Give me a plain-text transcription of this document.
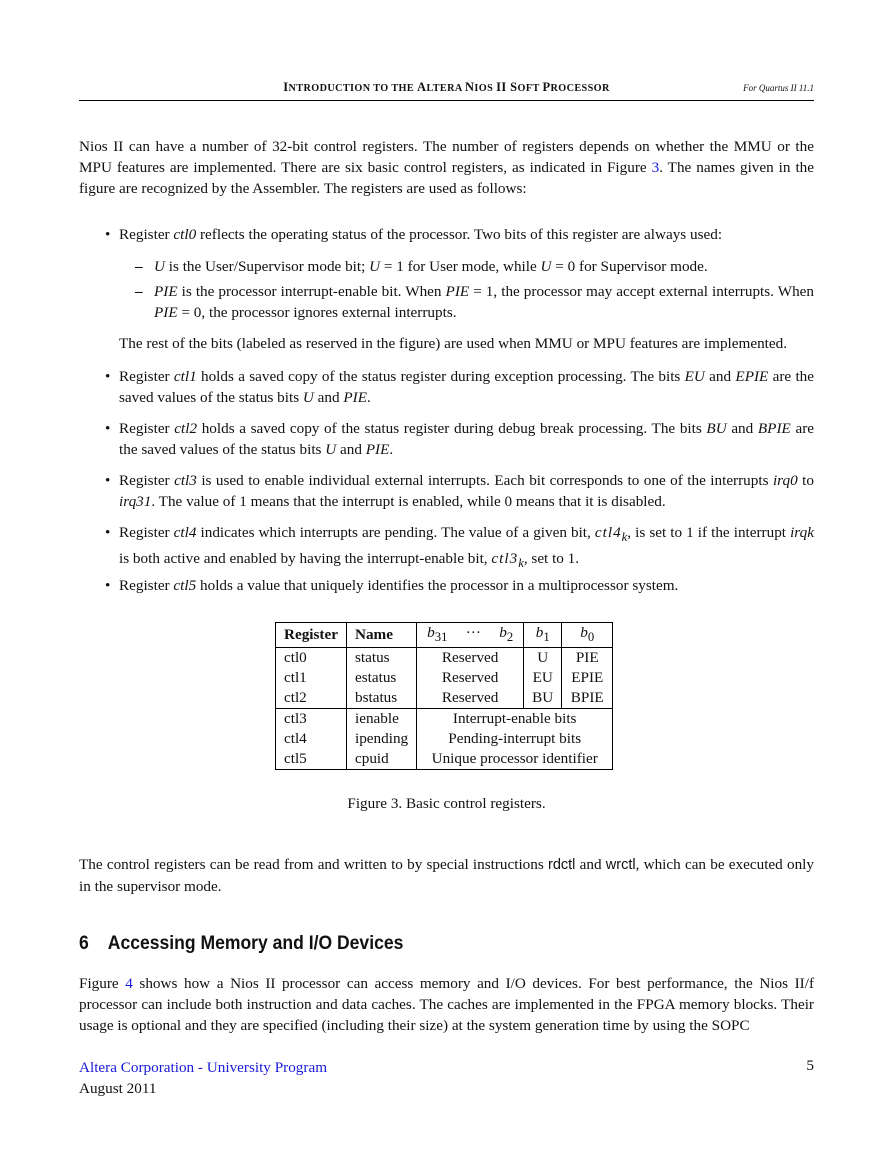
INTRODUCTION TO THE ALTERA NIOS II SOFT PROCESSOR	For Quartus II 11.1

Nios II can have a number of 32-bit control registers. The number of registers depends on whether the MMU or the MPU features are implemented. There are six basic control registers, as indicated in Figure 3. The names given in the figure are recognized by the Assembler. The registers are used as follows:

• Register ctl0 reflects the operating status of the processor. Two bits of this register are always used:
– U is the User/Supervisor mode bit; U = 1 for User mode, while U = 0 for Supervisor mode.
– PIE is the processor interrupt-enable bit. When PIE = 1, the processor may accept external interrupts. When PIE = 0, the processor ignores external interrupts.
The rest of the bits (labeled as reserved in the figure) are used when MMU or MPU features are implemented.
• Register ctl1 holds a saved copy of the status register during exception processing. The bits EU and EPIE are the saved values of the status bits U and PIE.
• Register ctl2 holds a saved copy of the status register during debug break processing. The bits BU and BPIE are the saved values of the status bits U and PIE.
• Register ctl3 is used to enable individual external interrupts. Each bit corresponds to one of the interrupts irq0 to irq31. The value of 1 means that the interrupt is enabled, while 0 means that it is disabled.
• Register ctl4 indicates which interrupts are pending. The value of a given bit, $ctl4_k$, is set to 1 if the interrupt irqk is both active and enabled by having the interrupt-enable bit, $ctl3_k$, set to 1.
• Register ctl5 holds a value that uniquely identifies the processor in a multiprocessor system.
Register	Name	$b_{31}$ ··· $b_2$	$b_1$	$b_0$
ctl0	status	Reserved	U	PIE
ctl1	estatus	Reserved	EU	EPIE
ctl2	bstatus	Reserved	BU	BPIE
ctl3	ienable	Interrupt-enable bits		
ctl4	ipending	Pending-interrupt bits		
ctl5	cpuid	Unique processor identifier		
Figure 3. Basic control registers.

The control registers can be read from and written to by special instructions rdctl and wrctl, which can be executed only in the supervisor mode.

6 Accessing Memory and I/O Devices

Figure 4 shows how a Nios II processor can access memory and I/O devices. For best performance, the Nios II/f processor can include both instruction and data caches. The caches are implemented in the FPGA memory blocks. Their usage is optional and they are specified (including their size) at the system generation time by using the SOPC

Altera Corporation - University Program
August 2011
5
